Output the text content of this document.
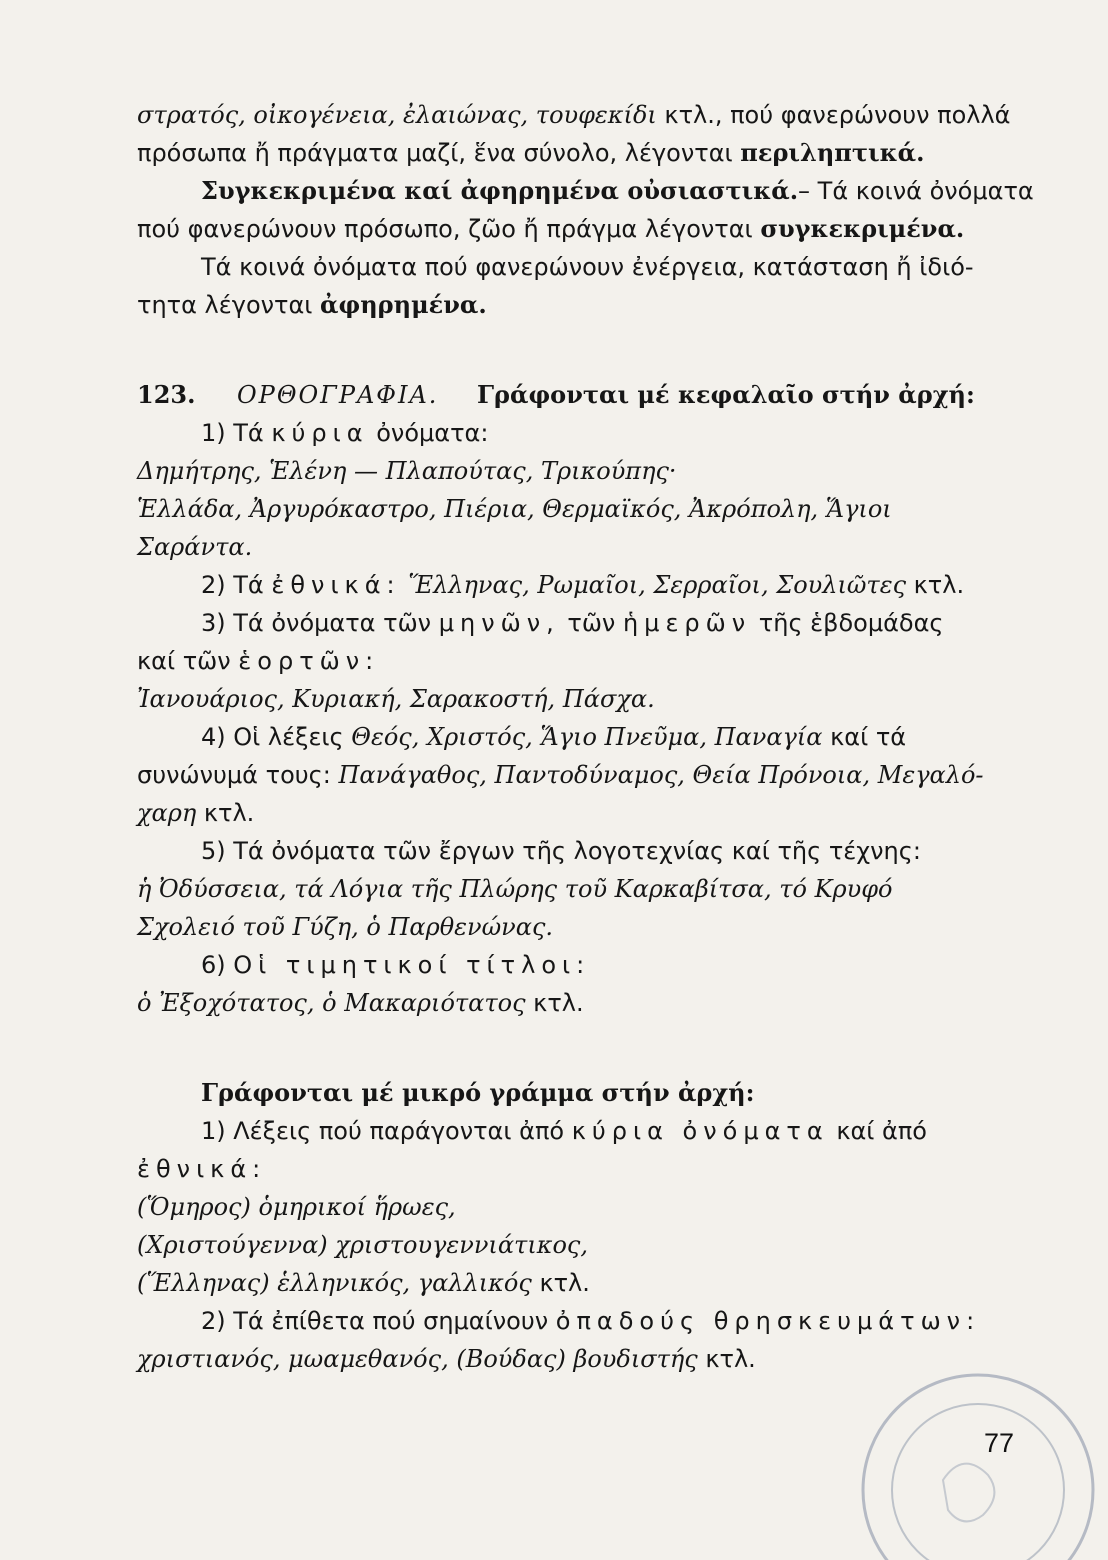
στρατός, οἰκογένεια, ἐλαιώνας, τουφεκίδι κτλ., πού φανερώνουν πολλά
πρόσωπα ἤ πράγματα μαζί, ἕνα σύνολο, λέγονται περιληπτικά.
Συγκεκριμένα καί ἀφηρημένα οὐσιαστικά.– Τά κοινά ὀνόματα
πού φανερώνουν πρόσωπο, ζῶο ἤ πράγμα λέγονται συγκεκριμένα.
Τά κοινά ὀνόματα πού φανερώνουν ἐνέργεια, κατάσταση ἤ ἰδιό-
τητα λέγονται ἀφηρημένα.
123. ΟΡΘΟΓΡΑΦΙΑ. Γράφονται μέ κεφαλαῖο στήν ἀρχή:
1) Τά κύρια ὀνόματα:
Δημήτρης, Ἑλένη — Πλαπούτας, Τρικούπης·
Ἑλλάδα, Ἀργυρόκαστρο, Πιέρια, Θερμαϊκός, Ἀκρόπολη, Ἅγιοι
Σαράντα.
2) Τά ἐθνικά: Ἕλληνας, Ρωμαῖοι, Σερραῖοι, Σουλιῶτες κτλ.
3) Τά ὀνόματα τῶν μηνῶν, τῶν ἡμερῶν τῆς ἑβδομάδας
καί τῶν ἑορτῶν:
Ἰανουάριος, Κυριακή, Σαρακοστή, Πάσχα.
4) Οἱ λέξεις Θεός, Χριστός, Ἅγιο Πνεῦμα, Παναγία καί τά
συνώνυμά τους: Πανάγαθος, Παντοδύναμος, Θεία Πρόνοια, Μεγαλό-
χαρη κτλ.
5) Τά ὀνόματα τῶν ἔργων τῆς λογοτεχνίας καί τῆς τέχνης:
ἡ Ὀδύσσεια, τά Λόγια τῆς Πλώρης τοῦ Καρκαβίτσα, τό Κρυφό
Σχολειό τοῦ Γύζη, ὁ Παρθενώνας.
6) Οἱ τιμητικοί τίτλοι:
ὁ Ἐξοχότατος, ὁ Μακαριότατος κτλ.
Γράφονται μέ μικρό γράμμα στήν ἀρχή:
1) Λέξεις πού παράγονται ἀπό κύρια ὀνόματα καί ἀπό
ἐθνικά:
(Ὅμηρος) ὁμηρικοί ἥρωες,
(Χριστούγεννα) χριστουγεννιάτικος,
(Ἕλληνας) ἑλληνικός, γαλλικός κτλ.
2) Τά ἐπίθετα πού σημαίνουν ὀπαδούς θρησκευμάτων:
χριστιανός, μωαμεθανός, (Βούδας) βουδιστής κτλ.
77
